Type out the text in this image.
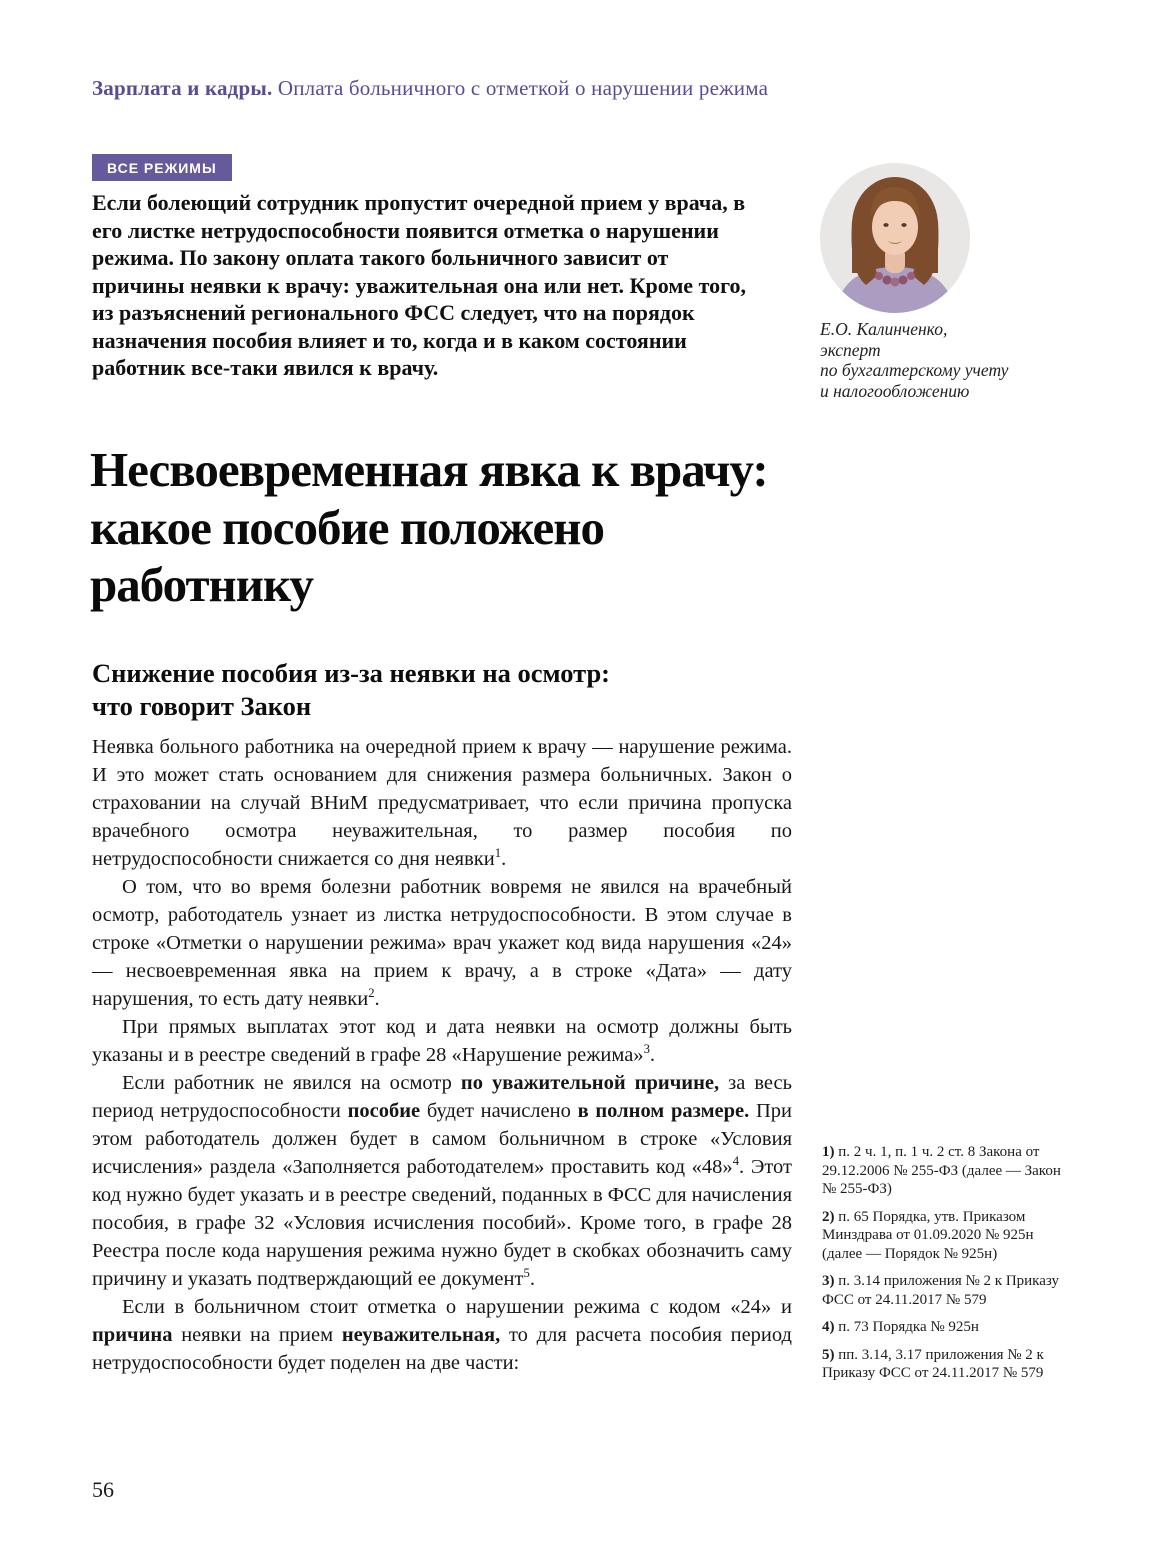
Зарплата и кадры. Оплата больничного с отметкой о нарушении режима
ВСЕ РЕЖИМЫ

Если болеющий сотрудник пропустит очередной прием у врача, в его листке нетрудоспособности появится отметка о нарушении режима. По закону оплата такого больничного зависит от причины неявки к врачу: уважительная она или нет. Кроме того, из разъяснений регионального ФСС следует, что на порядок назначения пособия влияет и то, когда и в каком состоянии работник все-таки явился к врачу.

Е.О. Калинченко,
эксперт
по бухгалтерскому учету
и налогообложению
Несвоевременная явка к врачу:
какое пособие положено
работнику
Снижение пособия из-за неявки на осмотр:
что говорит Закон

Неявка больного работника на очередной прием к врачу — нарушение режима. И это может стать основанием для снижения размера больничных. Закон о страховании на случай ВНиМ предусматривает, что если причина пропуска врачебного осмотра неуважительная, то размер пособия по нетрудоспособности снижается со дня неявки$^1$.

О том, что во время болезни работник вовремя не явился на врачебный осмотр, работодатель узнает из листка нетрудоспособности. В этом случае в строке «Отметки о нарушении режима» врач укажет код вида нарушения «24» — несвоевременная явка на прием к врачу, а в строке «Дата» — дату нарушения, то есть дату неявки$^2$.

При прямых выплатах этот код и дата неявки на осмотр должны быть указаны и в реестре сведений в графе 28 «Нарушение режима»$^3$.

Если работник не явился на осмотр по уважительной причине, за весь период нетрудоспособности пособие будет начислено в полном размере. При этом работодатель должен будет в самом больничном в строке «Условия исчисления» раздела «Заполняется работодателем» проставить код «48»$^4$. Этот код нужно будет указать и в реестре сведений, поданных в ФСС для начисления пособия, в графе 32 «Условия исчисления пособий». Кроме того, в графе 28 Реестра после кода нарушения режима нужно будет в скобках обозначить саму причину и указать подтверждающий ее документ$^5$.

Если в больничном стоит отметка о нарушении режима с кодом «24» и причина неявки на прием неуважительная, то для расчета пособия период нетрудоспособности будет поделен на две части:

1) п. 2 ч. 1, п. 1 ч. 2 ст. 8 Закона от 29.12.2006 № 255-ФЗ (далее — Закон № 255-ФЗ)
2) п. 65 Порядка, утв. Приказом Минздрава от 01.09.2020 № 925н (далее — Порядок № 925н)
3) п. 3.14 приложения № 2 к Приказу ФСС от 24.11.2017 № 579
4) п. 73 Порядка № 925н
5) пп. 3.14, 3.17 приложения № 2 к Приказу ФСС от 24.11.2017 № 579
56
